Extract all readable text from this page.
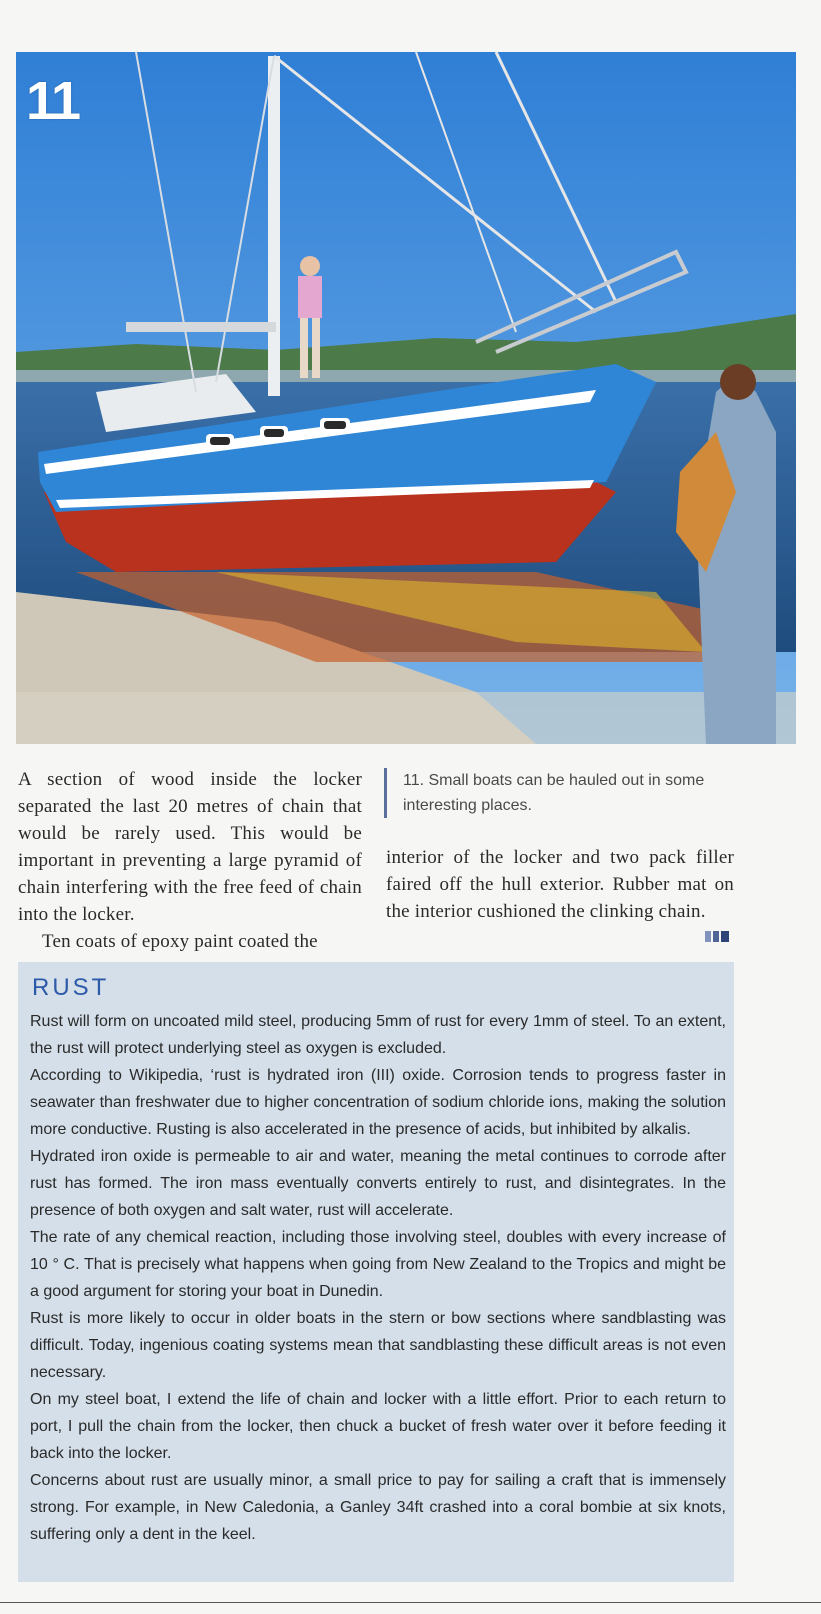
11

A section of wood inside the locker separated the last 20 metres of chain that would be rarely used. This would be important in preventing a large pyramid of chain interfering with the free feed of chain into the locker.

Ten coats of epoxy paint coated the

11. Small boats can be hauled out in some interesting places.

interior of the locker and two pack filler faired off the hull exterior. Rubber mat on the interior cushioned the clinking chain.

RUST

Rust will form on uncoated mild steel, producing 5mm of rust for every 1mm of steel. To an extent, the rust will protect underlying steel as oxygen is excluded.

According to Wikipedia, ‘rust is hydrated iron (III) oxide. Corrosion tends to progress faster in seawater than freshwater due to higher concentration of sodium chloride ions, making the solution more conductive. Rusting is also accelerated in the presence of acids, but inhibited by alkalis.

Hydrated iron oxide is permeable to air and water, meaning the metal continues to corrode after rust has formed. The iron mass eventually converts entirely to rust, and disintegrates. In the presence of both oxygen and salt water, rust will accelerate.

The rate of any chemical reaction, including those involving steel, doubles with every increase of 10 ° C. That is precisely what happens when going from New Zealand to the Tropics and might be a good argument for storing your boat in Dunedin.

Rust is more likely to occur in older boats in the stern or bow sections where sandblasting was difficult. Today, ingenious coating systems mean that sandblasting these difficult areas is not even necessary.

On my steel boat, I extend the life of chain and locker with a little effort. Prior to each return to port, I pull the chain from the locker, then chuck a bucket of fresh water over it before feeding it back into the locker.

Concerns about rust are usually minor, a small price to pay for sailing a craft that is immensely strong. For example, in New Caledonia, a Ganley 34ft crashed into a coral bombie at six knots, suffering only a dent in the keel.
